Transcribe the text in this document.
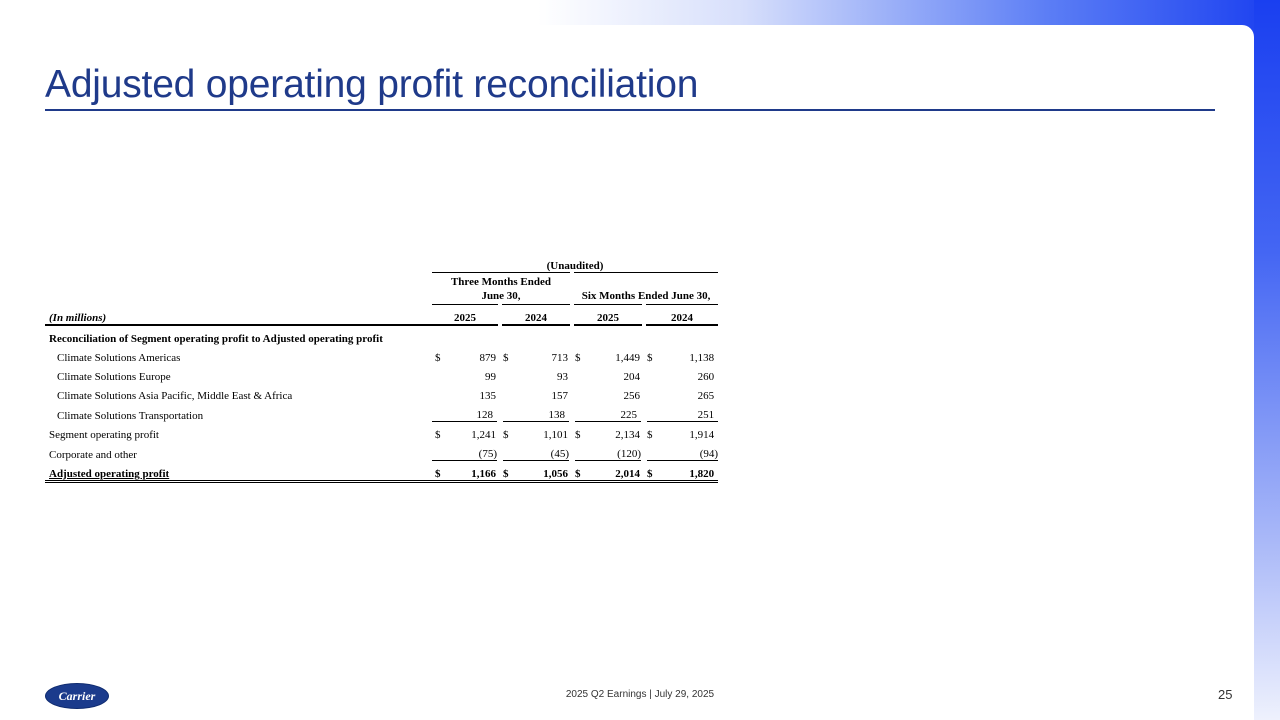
Adjusted operating profit reconciliation
	(Unaudited)							
	Three Months Ended June 30,				Six Months Ended June 30,			
(In millions)	2025		2024		2025		2024	
Reconciliation of Segment operating profit to Adjusted operating profit								
Climate Solutions Americas	$	879	$	713	$	1,449	$	1,138
Climate Solutions Europe		99		93		204		260
Climate Solutions Asia Pacific, Middle East & Africa		135		157		256		265
Climate Solutions Transportation		128		138		225		251
Segment operating profit	$	1,241	$	1,101	$	2,134	$	1,914
Corporate and other		(75)		(45)		(120)		(94)
Adjusted operating profit	$	1,166	$	1,056	$	2,014	$	1,820
Carrier	2025 Q2 Earnings | July 29, 2025	25
